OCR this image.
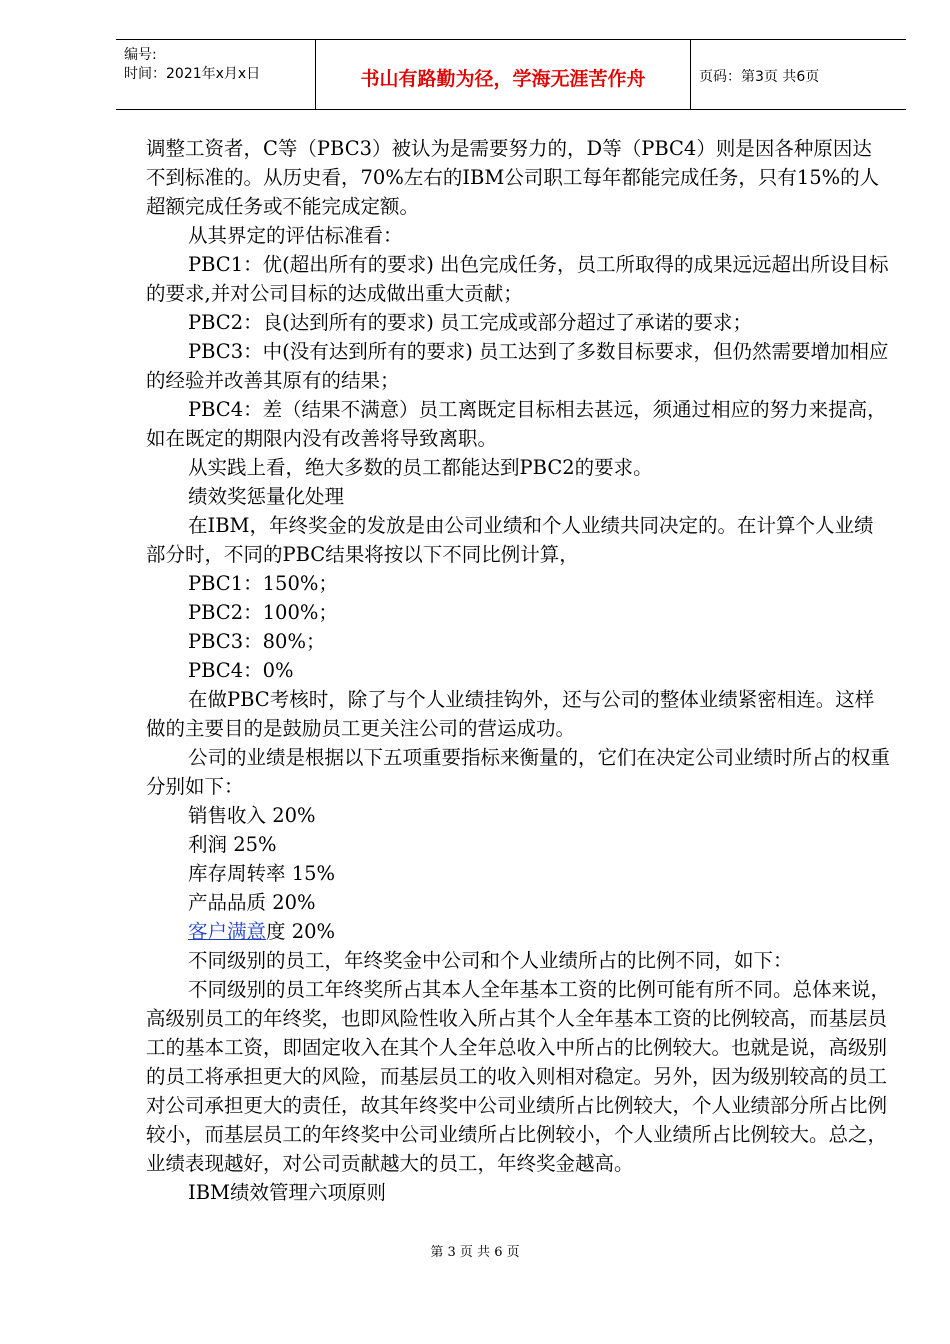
编号:
时间：2021年x月x日	书山有路勤为径，学海无涯苦作舟	页码：第3页 共6页

调整工资者，C等（PBC3）被认为是需要努力的，D等（PBC4）则是因各种原因达不到标准的。从历史看，70%左右的IBM公司职工每年都能完成任务，只有15%的人超额完成任务或不能完成定额。

从其界定的评估标准看：

PBC1：优(超出所有的要求) 出色完成任务，员工所取得的成果远远超出所设目标的要求,并对公司目标的达成做出重大贡献；

PBC2：良(达到所有的要求) 员工完成或部分超过了承诺的要求；

PBC3：中(没有达到所有的要求) 员工达到了多数目标要求，但仍然需要增加相应的经验并改善其原有的结果；

PBC4：差（结果不满意）员工离既定目标相去甚远，须通过相应的努力来提高，如在既定的期限内没有改善将导致离职。

从实践上看，绝大多数的员工都能达到PBC2的要求。

绩效奖惩量化处理

在IBM，年终奖金的发放是由公司业绩和个人业绩共同决定的。在计算个人业绩部分时，不同的PBC结果将按以下不同比例计算，

PBC1：150%；

PBC2：100%；

PBC3：80%；

PBC4：0%

在做PBC考核时，除了与个人业绩挂钩外，还与公司的整体业绩紧密相连。这样做的主要目的是鼓励员工更关注公司的营运成功。

公司的业绩是根据以下五项重要指标来衡量的，它们在决定公司业绩时所占的权重分别如下：

销售收入 20%

利润 25%

库存周转率 15%

产品品质 20%

客户满意度 20%

不同级别的员工，年终奖金中公司和个人业绩所占的比例不同，如下：

不同级别的员工年终奖所占其本人全年基本工资的比例可能有所不同。总体来说，高级别员工的年终奖，也即风险性收入所占其个人全年基本工资的比例较高，而基层员工的基本工资，即固定收入在其个人全年总收入中所占的比例较大。也就是说，高级别的员工将承担更大的风险，而基层员工的收入则相对稳定。另外，因为级别较高的员工对公司承担更大的责任，故其年终奖中公司业绩所占比例较大，个人业绩部分所占比例较小，而基层员工的年终奖中公司业绩所占比例较小，个人业绩所占比例较大。总之，业绩表现越好，对公司贡献越大的员工，年终奖金越高。

IBM绩效管理六项原则

第 3 页 共 6 页
